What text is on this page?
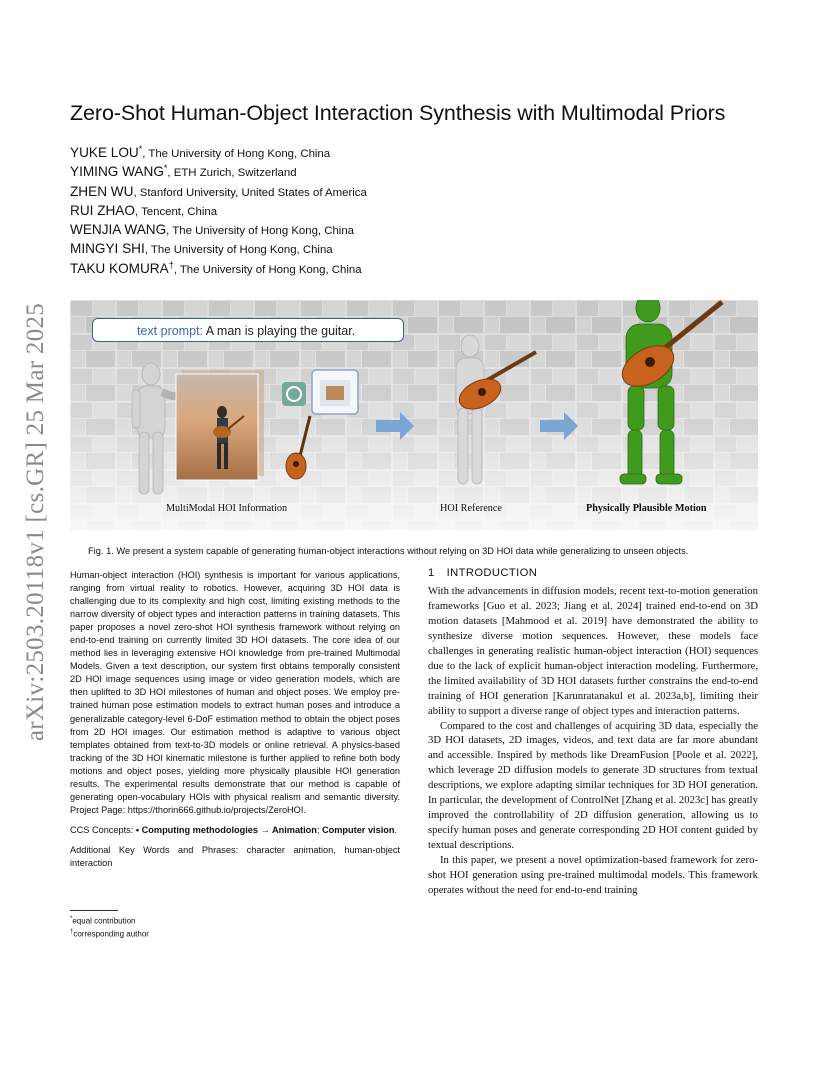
arXiv:2503.20118v1 [cs.GR] 25 Mar 2025
Zero-Shot Human-Object Interaction Synthesis with Multimodal Priors
YUKE LOU*, The University of Hong Kong, China
YIMING WANG*, ETH Zurich, Switzerland
ZHEN WU, Stanford University, United States of America
RUI ZHAO, Tencent, China
WENJIA WANG, The University of Hong Kong, China
MINGYI SHI, The University of Hong Kong, China
TAKU KOMURA†, The University of Hong Kong, China
text prompt: A man is playing the guitar.
MultiModal HOI Information	HOI Reference	Physically Plausible Motion
Fig. 1. We present a system capable of generating human-object interactions without relying on 3D HOI data while generalizing to unseen objects.

Human-object interaction (HOI) synthesis is important for various applications, ranging from virtual reality to robotics. However, acquiring 3D HOI data is challenging due to its complexity and high cost, limiting existing methods to the narrow diversity of object types and interaction patterns in training datasets. This paper proposes a novel zero-shot HOI synthesis framework without relying on end-to-end training on currently limited 3D HOI datasets. The core idea of our method lies in leveraging extensive HOI knowledge from pre-trained Multimodal Models. Given a text description, our system first obtains temporally consistent 2D HOI image sequences using image or video generation models, which are then uplifted to 3D HOI milestones of human and object poses. We employ pre-trained human pose estimation models to extract human poses and introduce a generalizable category-level 6-DoF estimation method to obtain the object poses from 2D HOI images. Our estimation method is adaptive to various object templates obtained from text-to-3D models or online retrieval. A physics-based tracking of the 3D HOI kinematic milestone is further applied to refine both body motions and object poses, yielding more physically plausible HOI generation results. The experimental results demonstrate that our method is capable of generating open-vocabulary HOIs with physical realism and semantic diversity. Project Page: https://thorin666.github.io/projects/ZeroHOI.

CCS Concepts: • Computing methodologies → Animation; Computer vision.

Additional Key Words and Phrases: character animation, human-object interaction

*equal contribution
†corresponding author

1 INTRODUCTION

With the advancements in diffusion models, recent text-to-motion generation frameworks [Guo et al. 2023; Jiang et al. 2024] trained end-to-end on 3D motion datasets [Mahmood et al. 2019] have demonstrated the ability to synthesize diverse motion sequences. However, these models face challenges in generating realistic human-object interaction (HOI) sequences due to the lack of explicit human-object interaction modeling. Furthermore, the limited availability of 3D HOI datasets further constrains the end-to-end training of HOI generation [Karunratanakul et al. 2023a,b], limiting their ability to support a diverse range of object types and interaction patterns.

Compared to the cost and challenges of acquiring 3D data, especially the 3D HOI datasets, 2D images, videos, and text data are far more abundant and accessible. Inspired by methods like DreamFusion [Poole et al. 2022], which leverage 2D diffusion models to generate 3D structures from textual descriptions, we explore adapting similar techniques for 3D HOI generation. In particular, the development of ControlNet [Zhang et al. 2023c] has greatly improved the controllability of 2D diffusion generation, allowing us to specify human poses and generate corresponding 2D HOI content guided by textual descriptions.

In this paper, we present a novel optimization-based framework for zero-shot HOI generation using pre-trained multimodal models. This framework operates without the need for end-to-end training
